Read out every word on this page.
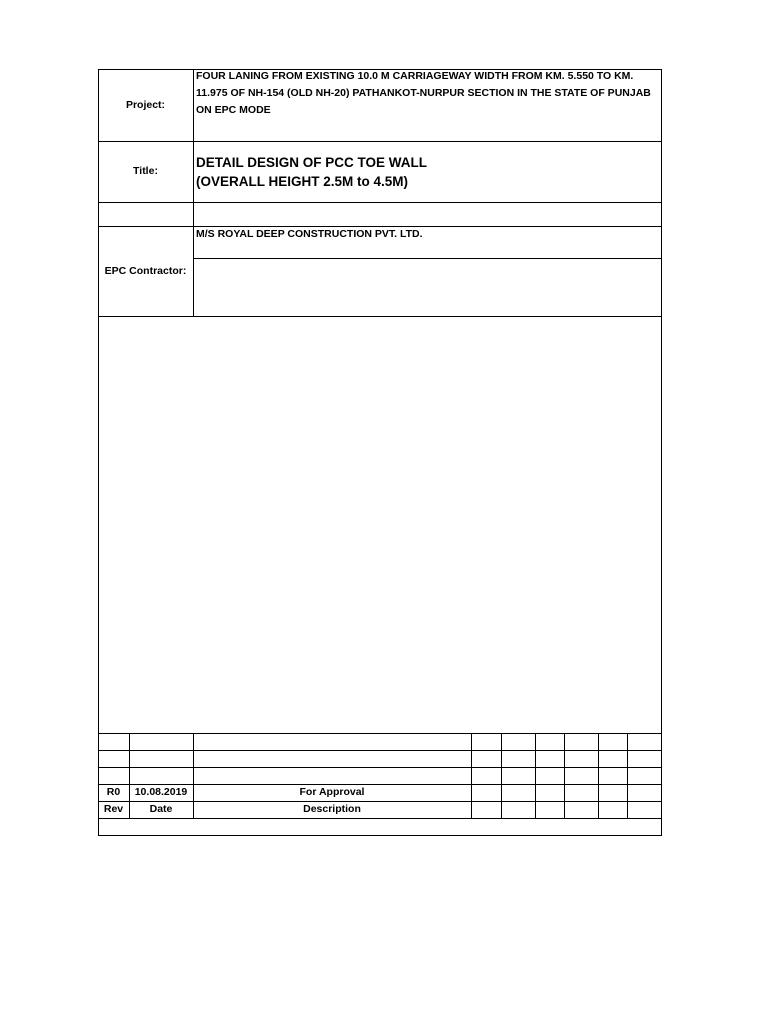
Project:
FOUR LANING FROM EXISTING 10.0 M CARRIAGEWAY WIDTH FROM KM. 5.550 TO KM.
11.975 OF NH-154 (OLD NH-20) PATHANKOT-NURPUR SECTION IN THE STATE OF PUNJAB
ON EPC MODE
Title:
DETAIL DESIGN OF PCC TOE WALL
(OVERALL HEIGHT 2.5M to 4.5M)
EPC Contractor:
M/S ROYAL DEEP CONSTRUCTION PVT. LTD.
R0	10.08.2019	For Approval
Rev	Date	Description
